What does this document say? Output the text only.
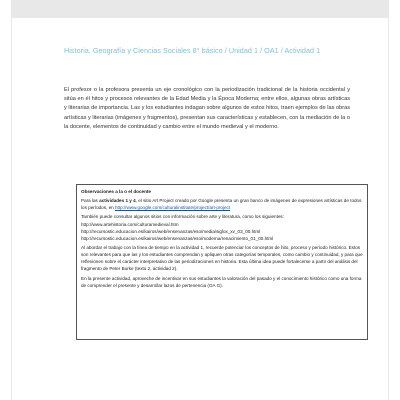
Historia, Geografía y Ciencias Sociales 8° básico / Unidad 1 / OA1 / Actividad 1
El profesor o la profesora presenta un eje cronológico con la periodización tradicional de la historia occidental y sitúa en él hitos y procesos relevantes de la Edad Media y la Época Moderna; entre ellos, algunas obras artísticas y literarias de importancia. Las y los estudiantes indagan sobre algunos de estos hitos, traen ejemplos de las obras artísticas y literarias (imágenes y fragmentos), presentan sus características y establecen, con la mediación de la o la docente, elementos de continuidad y cambio entre el mundo medieval y el moderno.
Observaciones a la o el docente

Para las actividades 1 y 4, el sitio Art Project creado por Google presenta un gran banco de imágenes de expresiones artísticas de todos los períodos, en http://www.google.com/culturalinstitute/project/art-project

También puede consultar algunos sitios con información sobre arte y literatura, como los siguientes:
http://www.artehistoria.com/culturamedieval.htm
http://recursostic.educacion.es/kairos/web/ensenanzas/eso/media/siglox_xv_03_00.html
http://recursostic.educacion.es/kairos/web/ensenanzas/eso/moderna/renacimiento_01_00.html

Al abordar el trabajo con la línea de tiempo en la actividad 1, recuerde potenciar los conceptos de hito, proceso y período histórico. Estos son relevantes para que las y los estudiantes comprendan y apliquen otras categorías temporales, como cambio y continuidad, y para que reflexionen sobre el carácter interpretativo de las periodizaciones en historia. Esta última idea puede fortalecerse a partir del análisis del fragmento de Peter Burke (texto 2, actividad 2).

En la presente actividad, aproveche de incentivar en sus estudiantes la valoración del pasado y el conocimiento histórico como una forma de comprender el presente y desarrollar lazos de pertenencia (OA G).
